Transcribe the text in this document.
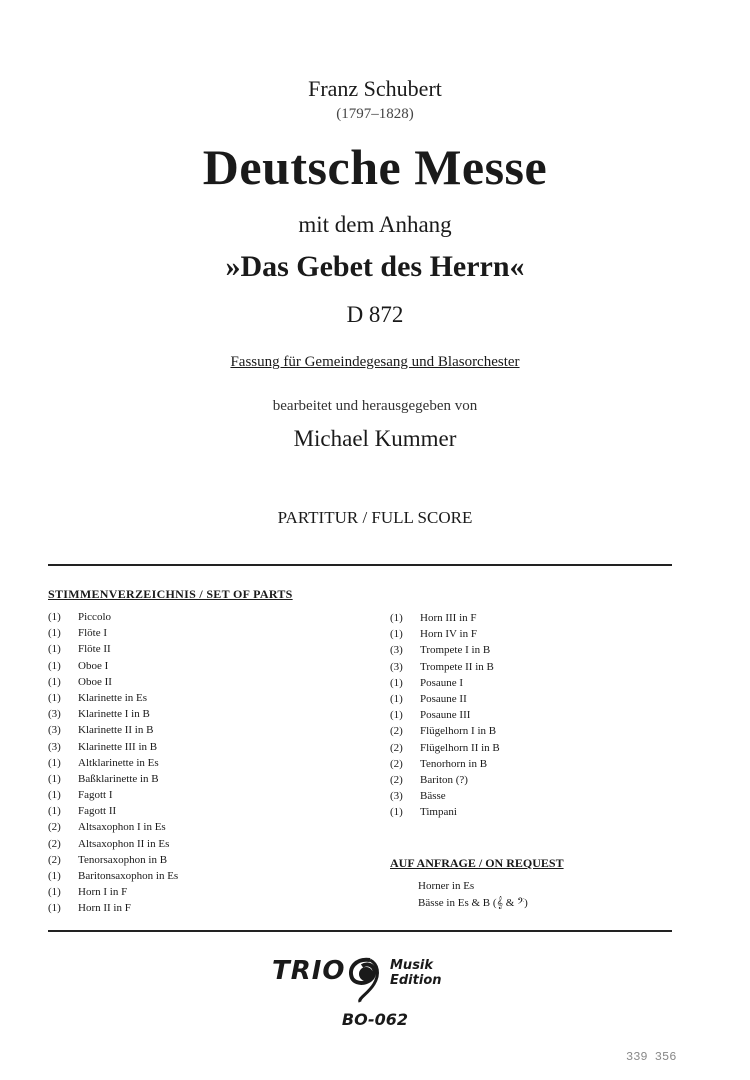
Franz Schubert
(1797–1828)
Deutsche Messe
mit dem Anhang
»Das Gebet des Herrn«
D 872
Fassung für Gemeindegesang und Blasorchester
bearbeitet und herausgegeben von
Michael Kummer
PARTITUR / FULL SCORE
STIMMENVERZEICHNIS / SET OF PARTS
(1) Piccolo
(1) Flöte I
(1) Flöte II
(1) Oboe I
(1) Oboe II
(1) Klarinette in Es
(3) Klarinette I in B
(3) Klarinette II in B
(3) Klarinette III in B
(1) Altklarinette in Es
(1) Baßklarinette in B
(1) Fagott I
(1) Fagott II
(2) Altsaxophon I in Es
(2) Altsaxophon II in Es
(2) Tenorsaxophon in B
(1) Baritonsaxophon in Es
(1) Horn I in F
(1) Horn II in F
(1) Horn III in F
(1) Horn IV in F
(3) Trompete I in B
(3) Trompete II in B
(1) Posaune I
(1) Posaune II
(1) Posaune III
(2) Flügelhorn I in B
(2) Flügelhorn II in B
(2) Tenorhorn in B
(2) Bariton (?)
(3) Bässe
(1) Timpani
AUF ANFRAGE / ON REQUEST
Horner in Es
Bässe in Es & B (𝄞 & 𝄢)
TRIO	Musik
Edition
BO-062
339 356
